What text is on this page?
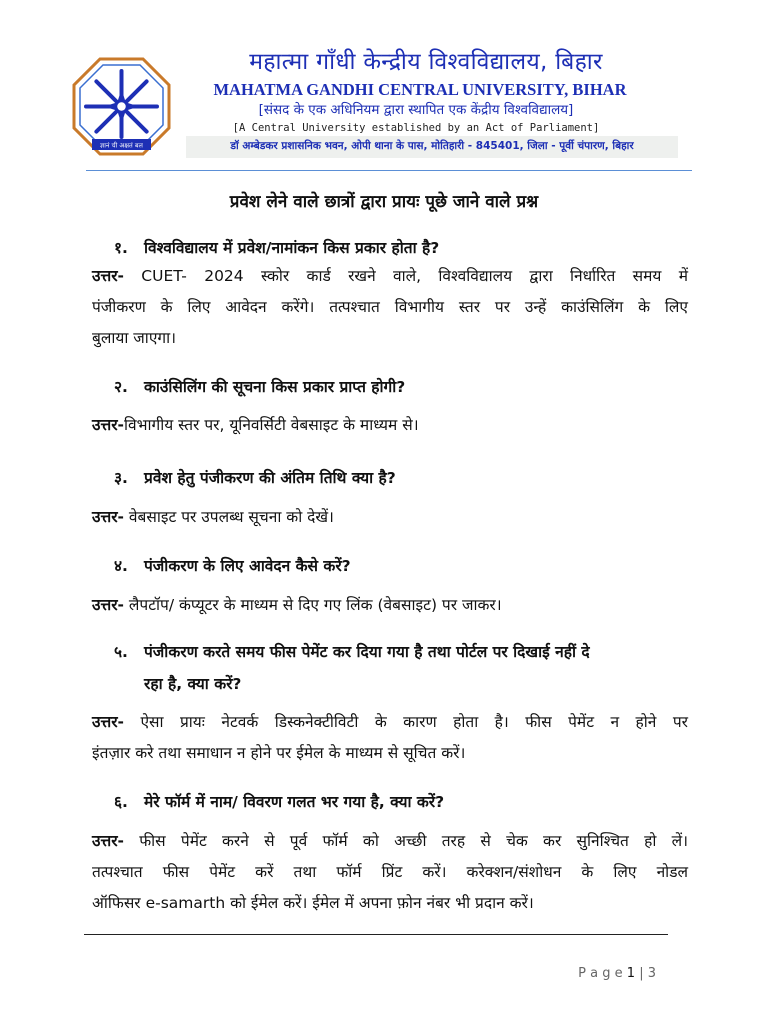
ज्ञानं ची अक्षतं बल
महात्मा गाँधी केन्द्रीय विश्वविद्यालय, बिहार
MAHATMA GANDHI CENTRAL UNIVERSITY, BIHAR
[संसद के एक अधिनियम द्वारा स्थापित एक केंद्रीय विश्वविद्यालय]
[A Central University established by an Act of Parliament]
डॉ अम्बेडकर प्रशासनिक भवन, ओपी थाना के पास, मोतिहारी - 845401, जिला - पूर्वी चंपारण, बिहार
प्रवेश लेने वाले छात्रों द्वारा प्रायः पूछे जाने वाले प्रश्न
१. विश्वविद्यालय में प्रवेश/नामांकन किस प्रकार होता है?
उत्तर- CUET- 2024 स्कोर कार्ड रखने वाले, विश्वविद्यालय द्वारा निर्धारित समय में
पंजीकरण के लिए आवेदन करेंगे। तत्पश्चात विभागीय स्तर पर उन्हें काउंसिलिंग के लिए
बुलाया जाएगा।
२. काउंसिलिंग की सूचना किस प्रकार प्राप्त होगी?
उत्तर-विभागीय स्तर पर, यूनिवर्सिटी वेबसाइट के माध्यम से।
३. प्रवेश हेतु पंजीकरण की अंतिम तिथि क्या है?
उत्तर- वेबसाइट पर उपलब्ध सूचना को देखें।
४. पंजीकरण के लिए आवेदन कैसे करें?
उत्तर- लैपटॉप/ कंप्यूटर के माध्यम से दिए गए लिंक (वेबसाइट) पर जाकर।
५. पंजीकरण करते समय फीस पेमेंट कर दिया गया है तथा पोर्टल पर दिखाई नहीं दे
रहा है, क्या करें?
उत्तर- ऐसा प्रायः नेटवर्क डिस्कनेक्टीविटी के कारण होता है। फीस पेमेंट न होने पर
इंतज़ार करे तथा समाधान न होने पर ईमेल के माध्यम से सूचित करें।
६. मेरे फॉर्म में नाम/ विवरण गलत भर गया है, क्या करें?
उत्तर- फीस पेमेंट करने से पूर्व फॉर्म को अच्छी तरह से चेक कर सुनिश्चित हो लें।
तत्पश्चात फीस पेमेंट करें तथा फॉर्म प्रिंट करें। करेक्शन/संशोधन के लिए नोडल
ऑफिसर e-samarth को ईमेल करें। ईमेल में अपना फ़ोन नंबर भी प्रदान करें।
P a g e 1 | 3
